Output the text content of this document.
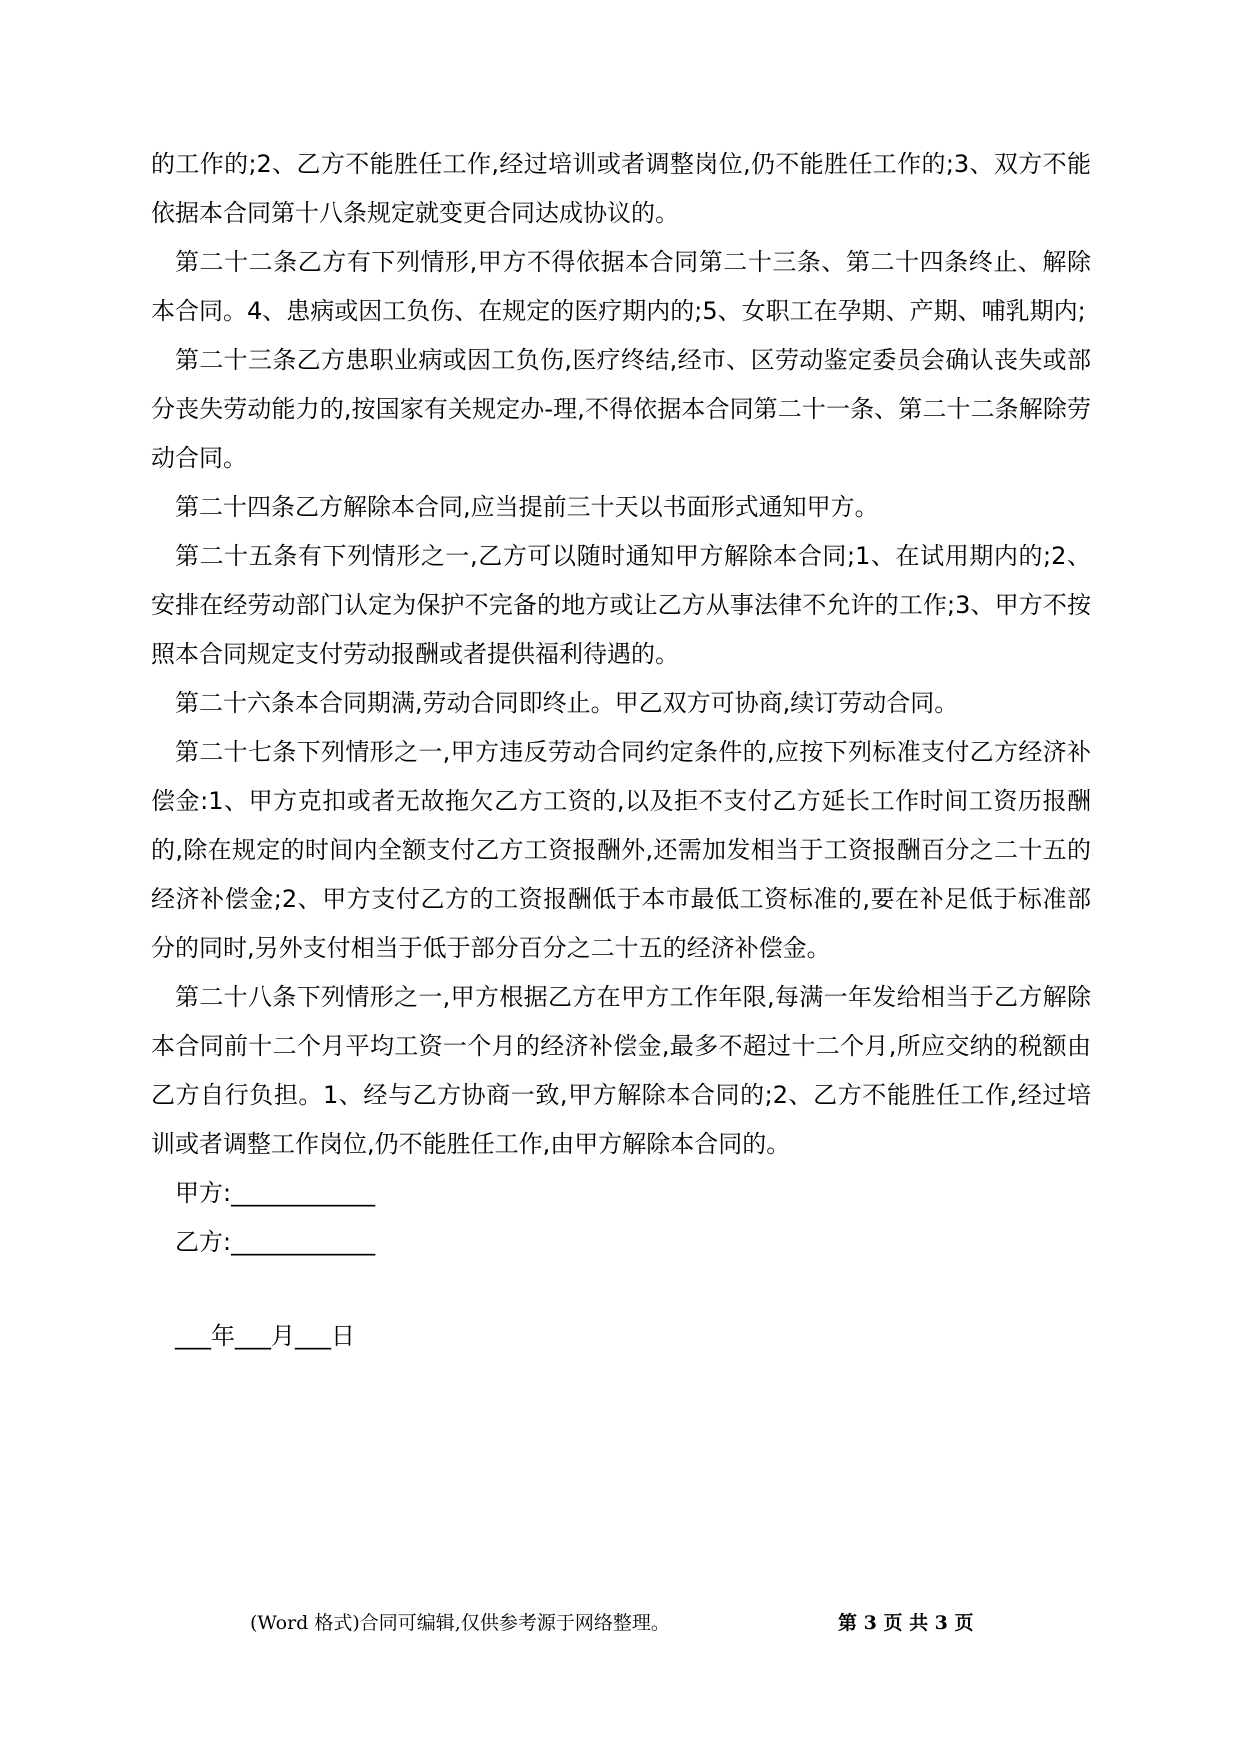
的工作的;2、乙方不能胜任工作,经过培训或者调整岗位,仍不能胜任工作的;3、双方不能依据本合同第十八条规定就变更合同达成协议的。

第二十二条乙方有下列情形,甲方不得依据本合同第二十三条、第二十四条终止、解除本合同。4、患病或因工负伤、在规定的医疗期内的;5、女职工在孕期、产期、哺乳期内;

第二十三条乙方患职业病或因工负伤,医疗终结,经市、区劳动鉴定委员会确认丧失或部分丧失劳动能力的,按国家有关规定办-理,不得依据本合同第二十一条、第二十二条解除劳动合同。

第二十四条乙方解除本合同,应当提前三十天以书面形式通知甲方。

第二十五条有下列情形之一,乙方可以随时通知甲方解除本合同;1、在试用期内的;2、安排在经劳动部门认定为保护不完备的地方或让乙方从事法律不允许的工作;3、甲方不按照本合同规定支付劳动报酬或者提供福利待遇的。

第二十六条本合同期满,劳动合同即终止。甲乙双方可协商,续订劳动合同。

第二十七条下列情形之一,甲方违反劳动合同约定条件的,应按下列标准支付乙方经济补偿金:1、甲方克扣或者无故拖欠乙方工资的,以及拒不支付乙方延长工作时间工资历报酬的,除在规定的时间内全额支付乙方工资报酬外,还需加发相当于工资报酬百分之二十五的经济补偿金;2、甲方支付乙方的工资报酬低于本市最低工资标准的,要在补足低于标准部分的同时,另外支付相当于低于部分百分之二十五的经济补偿金。

第二十八条下列情形之一,甲方根据乙方在甲方工作年限,每满一年发给相当于乙方解除本合同前十二个月平均工资一个月的经济补偿金,最多不超过十二个月,所应交纳的税额由乙方自行负担。1、经与乙方协商一致,甲方解除本合同的;2、乙方不能胜任工作,经过培训或者调整工作岗位,仍不能胜任工作,由甲方解除本合同的。

甲方:____________

乙方:____________

___年___月___日

(Word 格式)合同可编辑,仅供参考源于网络整理。	第 3 页 共 3 页
